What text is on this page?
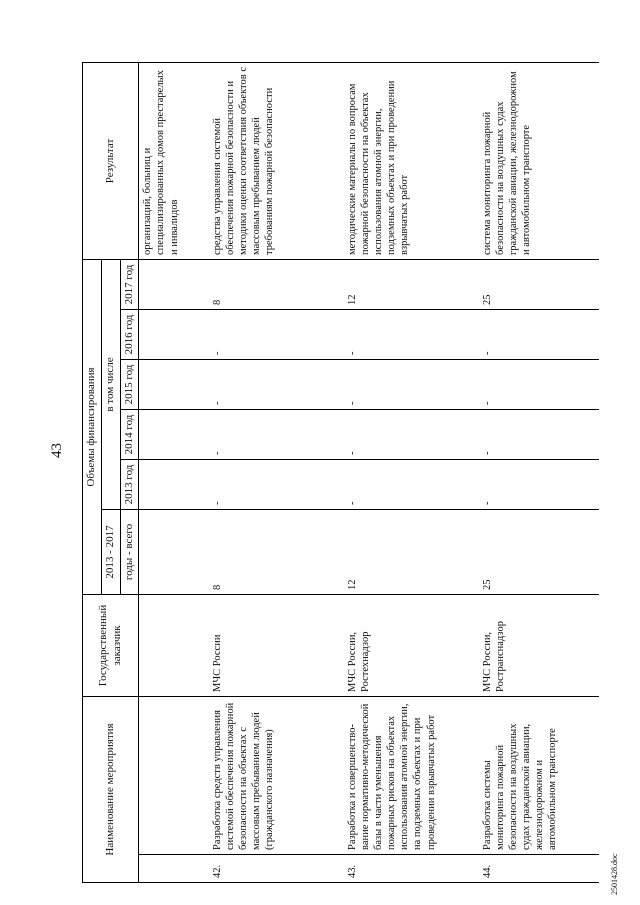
43
Наименование мероприятия		Государственный заказчик	Объемы финансирования						Результат
			2013 - 2017	в том числе					
			годы - всего	2013 год	2014 год	2015 год	2016 год	2017 год	

									организаций, больниц и специализированных домов престарелых и инвалидов
42.	Разработка средств управления системой обеспечения пожарной безопасности на объектах с массовым пребыванием людей (гражданского назначения)	МЧС России	8	-	-	-	-	8	средства управления системой обеспечения пожарной безопасности и методики оценки соответствия объектов с массовым пребыванием людей требованиям пожарной безопасности
43.	Разработка и совершенство-вание нормативно-методической базы в части уменьшения пожарных рисков на объектах использования атомной энергии, на подземных объектах и при проведении взрывчатых работ	МЧС России, Ростехнадзор	12	-	-	-	-	12	методические материалы по вопросам пожарной безопасности на объектах использования атомной энергии, подземных объектах и при проведении взрывчатых работ
44.	Разработка системы мониторинга пожарной безопасности на воздушных судах гражданской авиации, железнодорожном и автомобильном транспорте	МЧС России, Ространснадзор	25	-	-	-	-	25	система мониторинга пожарной безопасности на воздушных судах гражданской авиации, железнодорожном и автомобильном транспорте
2501428.doc
